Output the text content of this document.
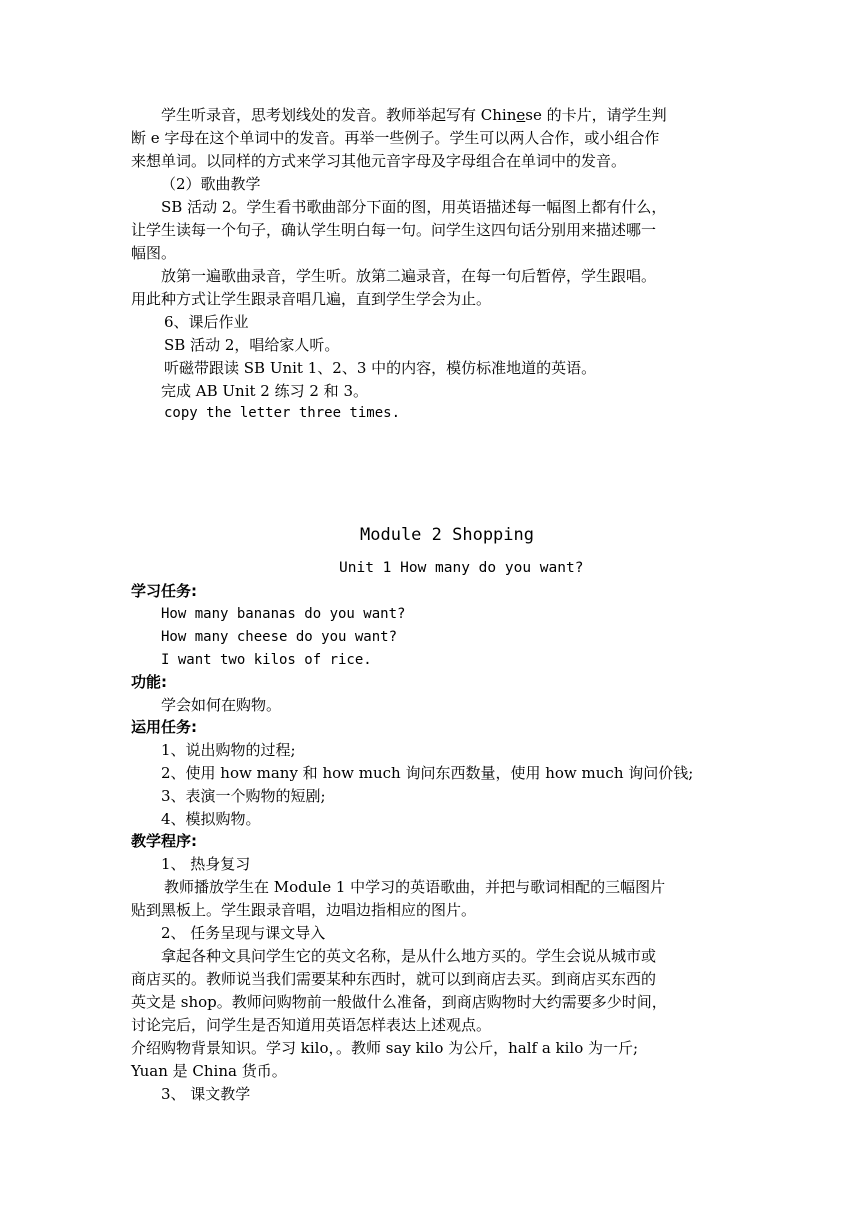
学生听录音，思考划线处的发音。教师举起写有 Chinese 的卡片，请学生判
断 e 字母在这个单词中的发音。再举一些例子。学生可以两人合作，或小组合作
来想单词。以同样的方式来学习其他元音字母及字母组合在单词中的发音。
（2）歌曲教学
SB 活动 2。学生看书歌曲部分下面的图，用英语描述每一幅图上都有什么，
让学生读每一个句子，确认学生明白每一句。问学生这四句话分别用来描述哪一
幅图。
放第一遍歌曲录音，学生听。放第二遍录音，在每一句后暂停，学生跟唱。
用此种方式让学生跟录音唱几遍，直到学生学会为止。
6、课后作业
SB 活动 2，唱给家人听。
听磁带跟读 SB Unit 1、2、3 中的内容，模仿标准地道的英语。
完成 AB Unit 2 练习 2 和 3。
copy the letter three times.
Module 2 Shopping
Unit 1 How many do you want?
学习任务:
How many bananas do you want?
How many cheese do you want?
I want two kilos of rice.
功能:
学会如何在购物。
运用任务:
1、说出购物的过程;
2、使用 how many 和 how much 询问东西数量，使用 how much 询问价钱;
3、表演一个购物的短剧;
4、模拟购物。
教学程序:
1、 热身复习
教师播放学生在 Module 1 中学习的英语歌曲，并把与歌词相配的三幅图片
贴到黑板上。学生跟录音唱，边唱边指相应的图片。
2、 任务呈现与课文导入
拿起各种文具问学生它的英文名称，是从什么地方买的。学生会说从城市或
商店买的。教师说当我们需要某种东西时，就可以到商店去买。到商店买东西的
英文是 shop。教师问购物前一般做什么准备，到商店购物时大约需要多少时间，
讨论完后，问学生是否知道用英语怎样表达上述观点。
介绍购物背景知识。学习 kilo，。教师 say kilo 为公斤，half a kilo 为一斤;
Yuan 是 China 货币。
3、 课文教学
